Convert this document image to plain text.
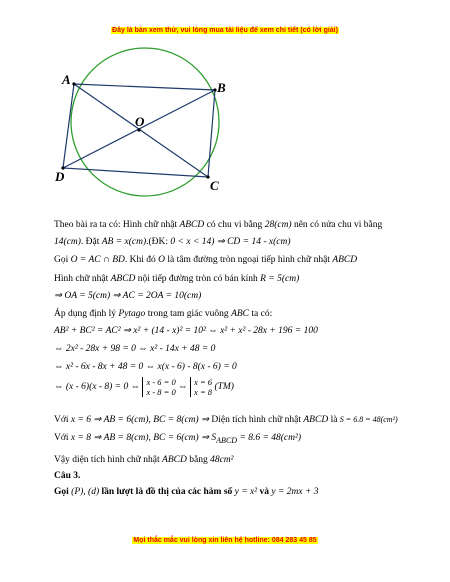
Đây là bản xem thử, vui lòng mua tài liệu để xem chi tiết (có lời giải)
A
B
C
D
O
Theo bài ra ta có: Hình chữ nhật ABCD có chu vi bằng 28(cm) nên có nửa chu vi bằng
14(cm). Đặt AB = x(cm).(ĐK: 0 < x < 14) ⇒ CD = 14 - x(cm)
Gọi O = AC ∩ BD. Khi đó O là tâm đường tròn ngoại tiếp hình chữ nhật ABCD
Hình chữ nhật ABCD nội tiếp đường tròn có bán kính R = 5(cm)
⇒ OA = 5(cm) ⇒ AC = 2OA = 10(cm)
Áp dụng định lý Pytago trong tam giác vuông ABC ta có:
AB² + BC² = AC² ⇒ x² + (14 - x)² = 10² ⇔ x² + x² - 28x + 196 = 100
⇔ 2x² - 28x + 98 = 0 ⇔ x² - 14x + 48 = 0
⇔ x² - 6x - 8x + 48 = 0 ⇔ x(x - 6) - 8(x - 6) = 0
⇔ (x - 6)(x - 8) = 0 ⇔ x - 6 = 0
x - 8 = 0 ⇔ x = 6
x = 8 (TM)
Với x = 6 ⇒ AB = 6(cm), BC = 8(cm) ⇒ Diện tích hình chữ nhật ABCD là S = 6.8 = 48(cm²)
Với x = 8 ⇒ AB = 8(cm), BC = 6(cm) ⇒ $S_{ABCD} = 8.6 = 48(cm^2)$
Vậy diện tích hình chữ nhật ABCD bằng 48cm²
Câu 3.
Gọi (P), (d) lần lượt là đồ thị của các hàm số y = x² và y = 2mx + 3
Mọi thắc mắc vui lòng xin liên hệ hotline: 084 283 45 85
